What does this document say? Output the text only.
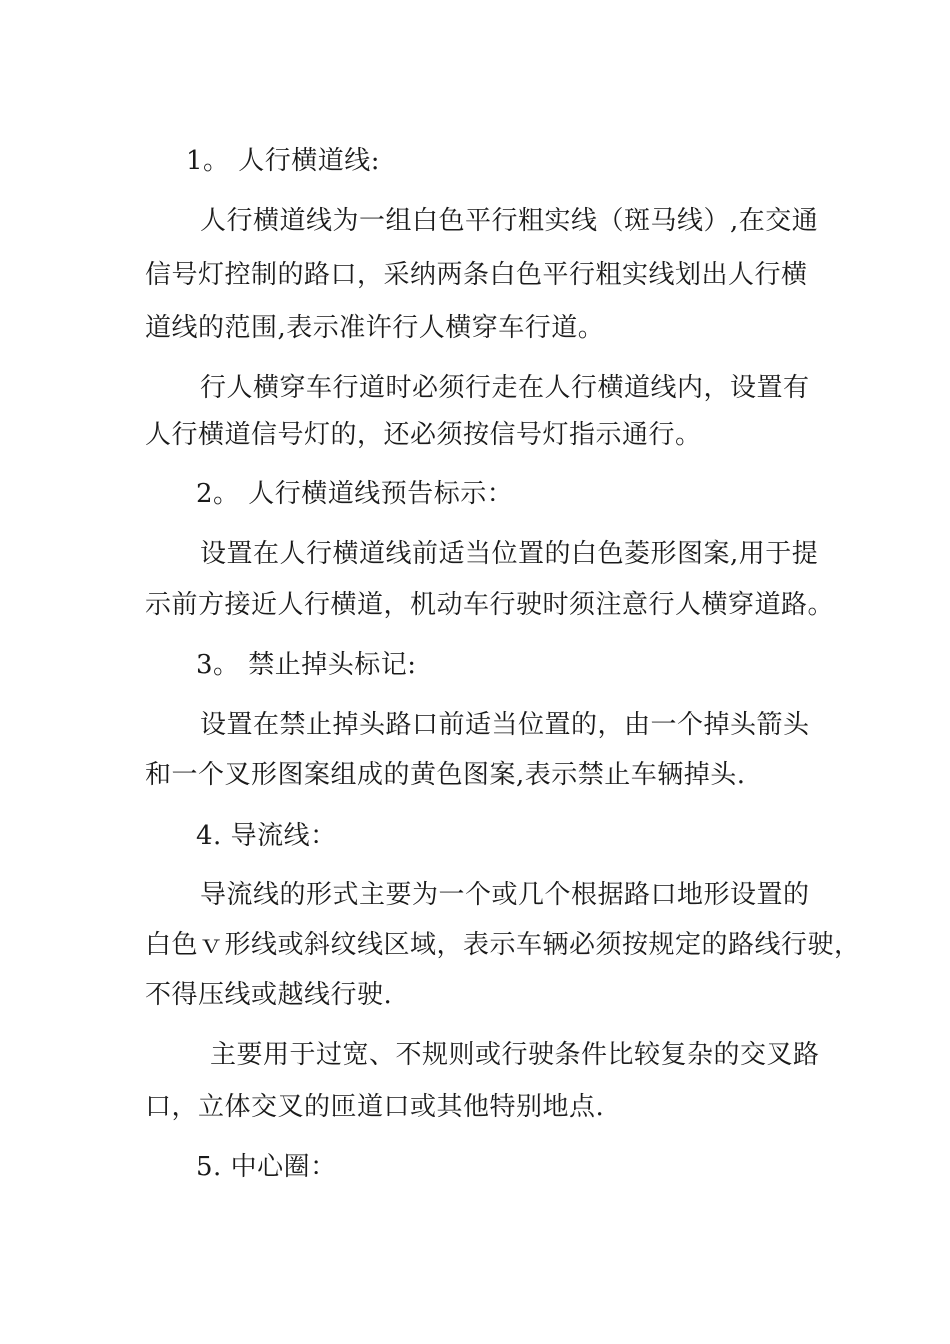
1。 人行横道线:
人行横道线为一组白色平行粗实线（斑马线）,在交通
信号灯控制的路口，采纳两条白色平行粗实线划出人行横
道线的范围,表示准许行人横穿车行道。
行人横穿车行道时必须行走在人行横道线内，设置有
人行横道信号灯的，还必须按信号灯指示通行。
2。 人行横道线预告标示：
设置在人行横道线前适当位置的白色菱形图案,用于提
示前方接近人行横道，机动车行驶时须注意行人横穿道路。
3。 禁止掉头标记:
设置在禁止掉头路口前适当位置的，由一个掉头箭头
和一个叉形图案组成的黄色图案,表示禁止车辆掉头.
4. 导流线：
导流线的形式主要为一个或几个根据路口地形设置的
白色ｖ形线或斜纹线区域，表示车辆必须按规定的路线行驶，
不得压线或越线行驶.
主要用于过宽、不规则或行驶条件比较复杂的交叉路
口，立体交叉的匝道口或其他特别地点.
5. 中心圈：
